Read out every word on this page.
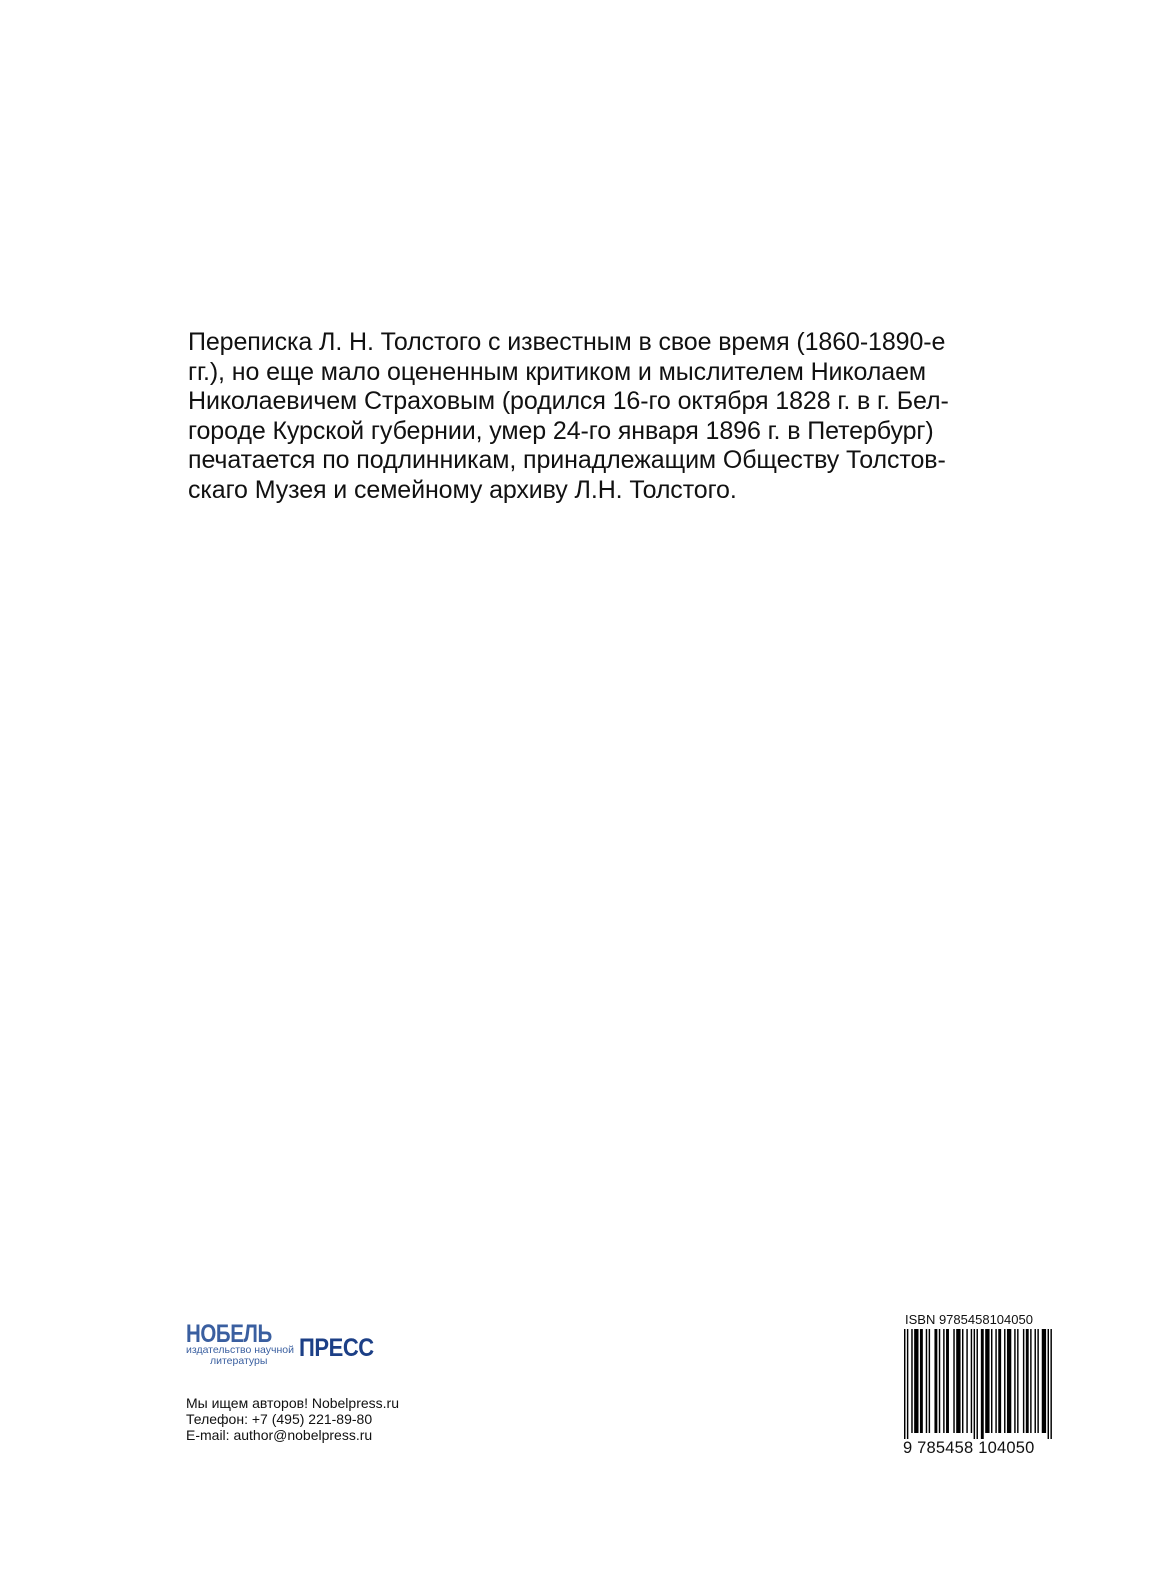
Переписка Л. Н. Толстого с известным в свое время (1860-1890-е
гг.), но еще мало оцененным критиком и мыслителем Николаем
Николаевичем Страховым (родился 16-го октября 1828 г. в г. Бел-
городе Курской губернии, умер 24-го января 1896 г. в Петербург)
печатается по подлинникам, принадлежащим Обществу Толстов-
скаго Музея и семейному архиву Л.Н. Толстого.
НОБЕЛЬ
издательство научной
литературы ПРЕСС
Мы ищем авторов! Nobelpress.ru
Телефон: +7 (495) 221-89-80
E-mail: author@nobelpress.ru
ISBN 9785458104050
9 785458 104050
